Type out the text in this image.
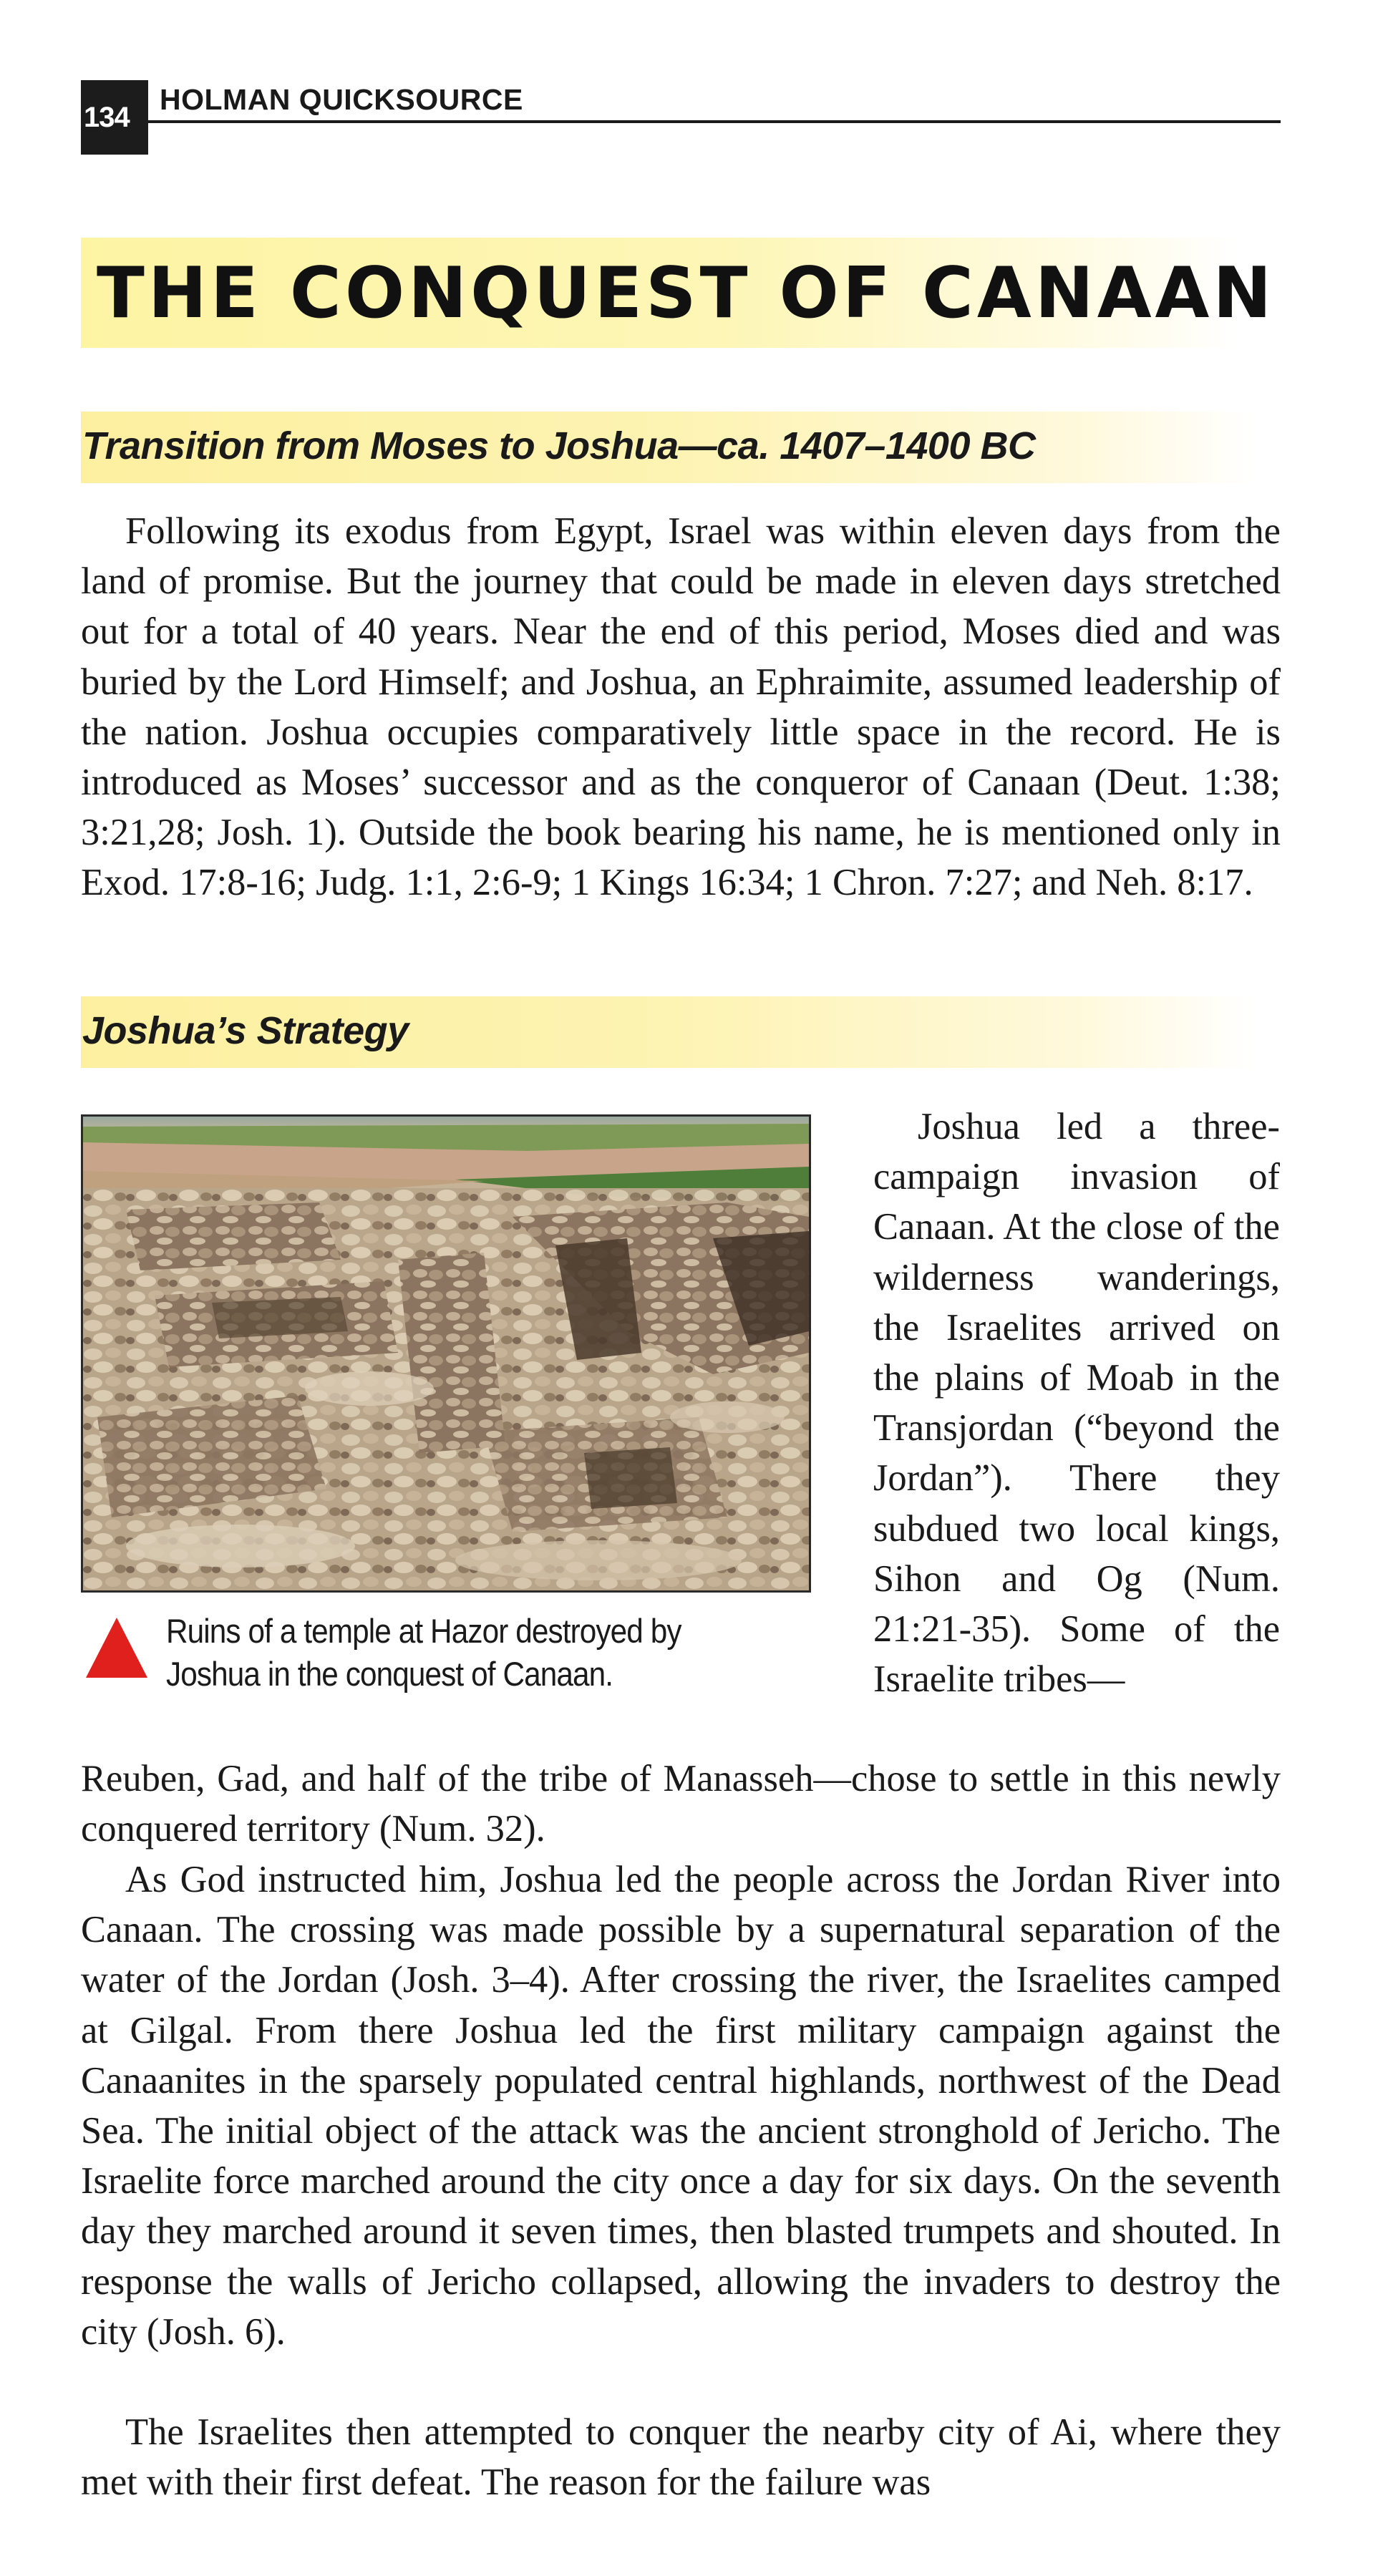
134
HOLMAN QUICKSOURCE
THE CONQUEST OF CANAAN
Transition from Moses to Joshua—ca. 1407–1400 BC

Following its exodus from Egypt, Israel was within eleven days from the land of promise. But the journey that could be made in eleven days stretched out for a total of 40 years. Near the end of this period, Moses died and was buried by the Lord Himself; and Joshua, an Ephraimite, assumed leadership of the nation. Joshua occupies comparatively little space in the record. He is introduced as Moses’ successor and as the conqueror of Canaan (Deut. 1:38; 3:21,28; Josh. 1). Outside the book bearing his name, he is mentioned only in Exod. 17:8-16; Judg. 1:1, 2:6-9; 1 Kings 16:34; 1 Chron. 7:27; and Neh. 8:17.

Joshua’s Strategy

Ruins of a temple at Hazor destroyed by Joshua in the conquest of Canaan.

Joshua led a three-campaign invasion of Canaan. At the close of the wilderness wanderings, the Israelites arrived on the plains of Moab in the Transjordan (“beyond the Jordan”). There they subdued two local kings, Sihon and Og (Num. 21:21-35). Some of the Israelite tribes—

Reuben, Gad, and half of the tribe of Manasseh—chose to settle in this newly conquered territory (Num. 32).

As God instructed him, Joshua led the people across the Jordan River into Canaan. The crossing was made possible by a supernatural separation of the water of the Jordan (Josh. 3–4). After crossing the river, the Israelites camped at Gilgal. From there Joshua led the first military campaign against the Canaanites in the sparsely populated central highlands, northwest of the Dead Sea. The initial object of the attack was the ancient stronghold of Jericho. The Israelite force marched around the city once a day for six days. On the seventh day they marched around it seven times, then blasted trumpets and shouted. In response the walls of Jericho collapsed, allowing the invaders to destroy the city (Josh. 6).

The Israelites then attempted to conquer the nearby city of Ai, where they met with their first defeat. The reason for the failure was
